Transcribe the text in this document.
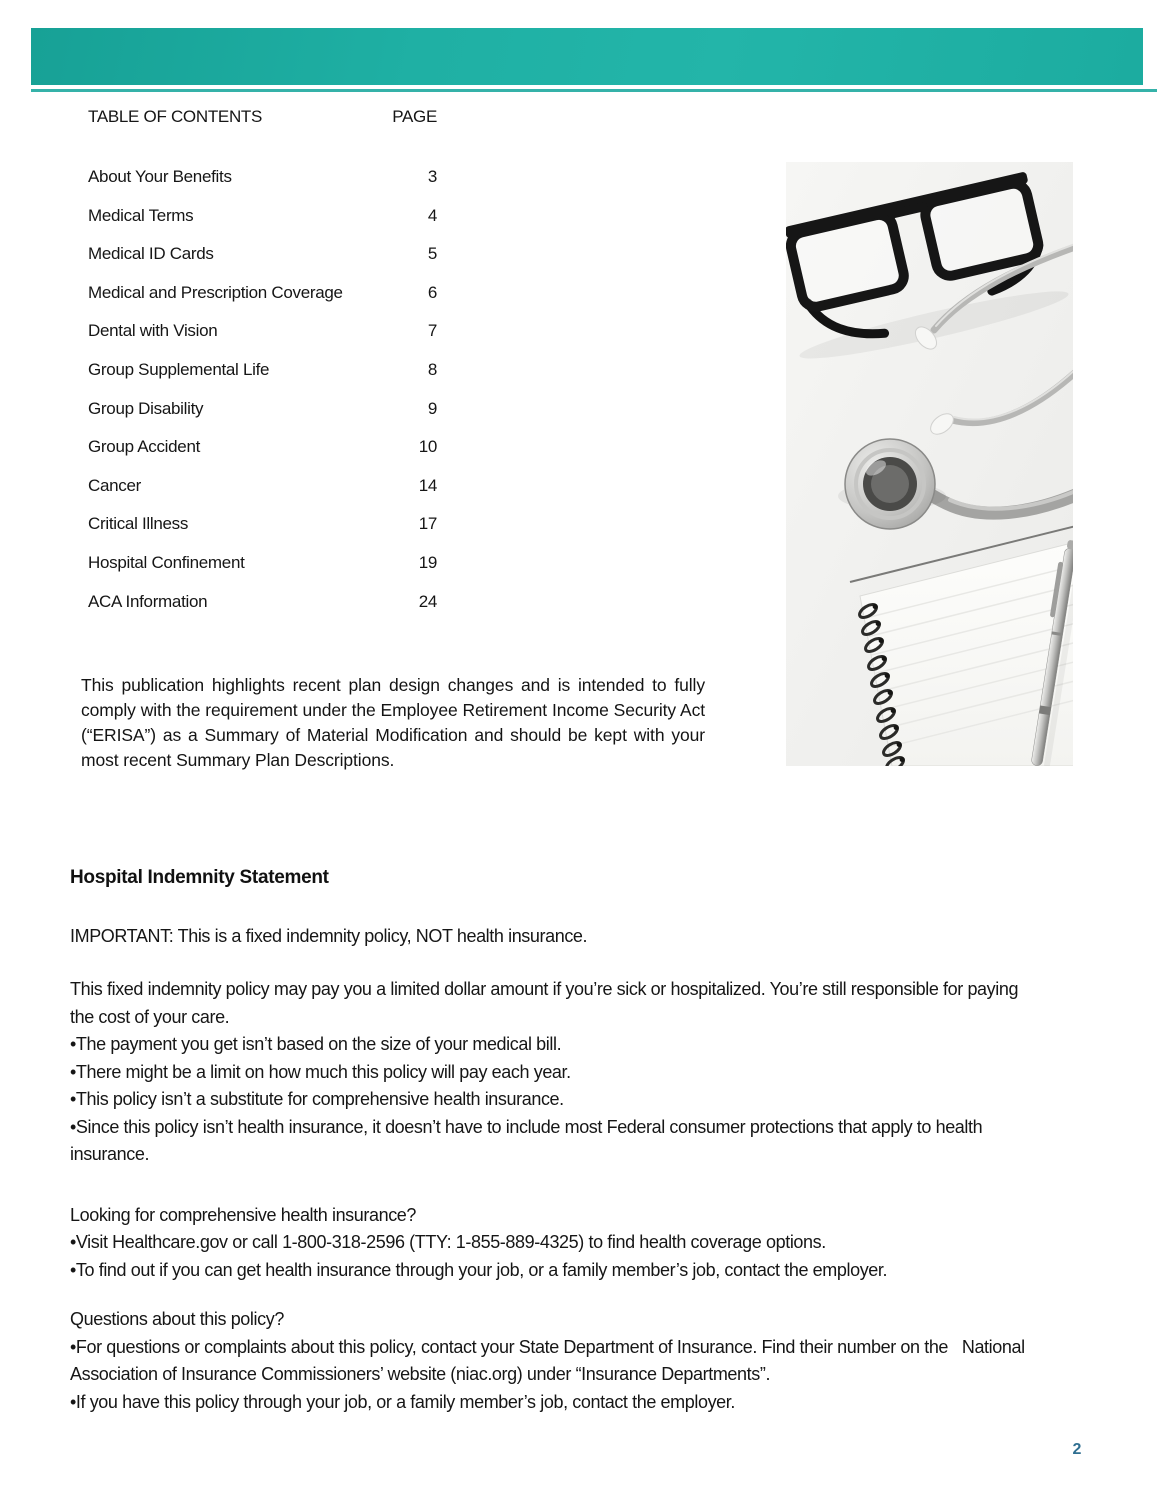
TABLE OF CONTENTS	PAGE
About Your Benefits	3
Medical Terms	4
Medical ID Cards	5
Medical and Prescription Coverage	6
Dental with Vision	7
Group Supplemental Life	8
Group Disability	9
Group Accident	10
Cancer	14
Critical Illness	17
Hospital Confinement	19
ACA Information	24

This publication highlights recent plan design changes and is intended to fully comply with the requirement under the Employee Retirement Income Security Act (“ERISA”) as a Summary of Material Modification and should be kept with your most recent Summary Plan Descriptions.

Hospital Indemnity Statement

IMPORTANT: This is a fixed indemnity policy, NOT health insurance.

This fixed indemnity policy may pay you a limited dollar amount if you’re sick or hospitalized. You’re still responsible for paying   the cost of your care.

•The payment you get isn’t based on the size of your medical bill.

•There might be a limit on how much this policy will pay each year.

•This policy isn’t a substitute for comprehensive health insurance.

•Since this policy isn’t health insurance, it doesn’t have to include most Federal consumer protections that apply to health   insurance.

Looking for comprehensive health insurance?

•Visit Healthcare.gov or call 1-800-318-2596 (TTY: 1-855-889-4325) to find health coverage options.

•To find out if you can get health insurance through your job, or a family member’s job, contact the employer.

Questions about this policy?

•For questions or complaints about this policy, contact your State Department of Insurance. Find their number on the   National Association of Insurance Commissioners’ website (niac.org) under “Insurance Departments”.

•If you have this policy through your job, or a family member’s job, contact the employer.

2
